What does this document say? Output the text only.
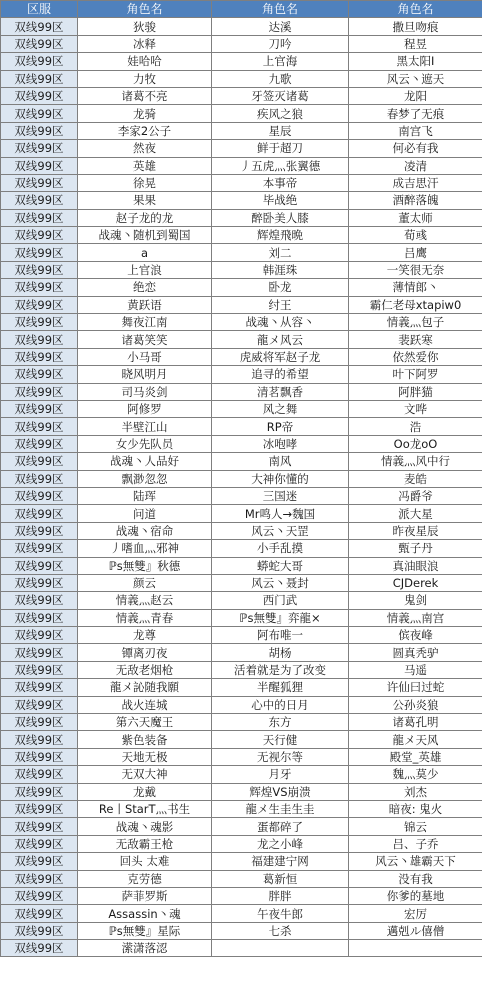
区服	角色名	角色名	角色名
双线99区	狄骏	达溪	撒旦吻痕
双线99区	冰释	刀吟	程昱
双线99区	娃哈哈	上官海	黑太阳I
双线99区	力牧	九歌	风云丶遮天
双线99区	诸葛不亮	牙签灭诸葛	龙阳
双线99区	龙骑	疾风之狼	春梦了无痕
双线99区	李家2公子	星辰	南宫飞
双线99区	然夜	鲜于超刀	何必有我
双线99区	英雄	丿五虎灬张翼德	凌清
双线99区	徐晃	本事帝	成吉思汗
双线99区	果果	毕战绝	酒醉落魄
双线99区	赵子龙的龙	醉卧美人膝	董太师
双线99区	战魂丶随机到蜀国	辉煌飛晩	荀彧
双线99区	a	刘二	吕鹰
双线99区	上官浪	韩涯珠	一笑很无奈
双线99区	绝恋	卧龙	薄情郎丶
双线99区	黄跃语	纣王	霸仁老母xtapiw0
双线99区	舞夜江南	战魂丶从容丶	情義灬包子
双线99区	诸葛笑笑	龍メ风云	裴跃寒
双线99区	小马哥	虎威将军赵子龙	依然爱你
双线99区	晓风明月	追寻的希望	叶下阿罗
双线99区	司马炎剑	清茗飘香	阿胖猫
双线99区	阿修罗	风之舞	文哗
双线99区	半壁江山	RP帝	浩
双线99区	女少先队员	冰咆哮	Oo龙oO
双线99区	战魂丶人品好	南风	情義灬风中行
双线99区	飘渺忽忽	大神你懂的	麦皓
双线99区	陆珲	三国迷	冯爵爷
双线99区	问道	Mr鸣人→魏国	派大星
双线99区	战魂丶宿命	风云丶天罡	昨夜星辰
双线99区	丿嗜血灬邪神	小手乱摸	甄子丹
双线99区	ℙs無雙』秋德	蟒蛇大哥	真油眼浪
双线99区	颜云	风云丶聂封	CJDerek
双线99区	情義灬赵云	西门武	鬼剑
双线99区	情義灬青春	ℙs無雙』弈龍×	情義灬南宫
双线99区	龙尊	阿布唯一	傧夜峰
双线99区	镡离刃夜	胡杨	圆真秃驴
双线99区	无敌老烟枪	活着就是为了改变	马遥
双线99区	龍メ訫随我願	半醒狐狸	许仙曰过蛇
双线99区	战火连城	心中的日月	公孙炎狼
双线99区	第六天魔王	东方	诸葛孔明
双线99区	紫色装备	天行健	龍メ天风
双线99区	天地无极	无视尔等	殿堂_英雄
双线99区	无双大神	月牙	魏灬莫少
双线99区	龙戴	辉煌VS崩溃	刘杰
双线99区	Re丨StarT灬书生	龍メ生圭生圭	暗夜: 鬼火
双线99区	战魂丶魂影	蛋都碎了	锦云
双线99区	无敌霸王枪	龙之小峰	吕、子乔
双线99区	回头 太难	福建建宁网	风云丶雄霸天下
双线99区	克劳德	葛新恒	没有我
双线99区	萨菲罗斯	胖胖	你爹的墓地
双线99区	Assassin丶魂	午夜牛郎	宏厉
双线99区	ℙs無雙』星际	七杀	邁剋ル僖僧
双线99区	潆潇落涊		
